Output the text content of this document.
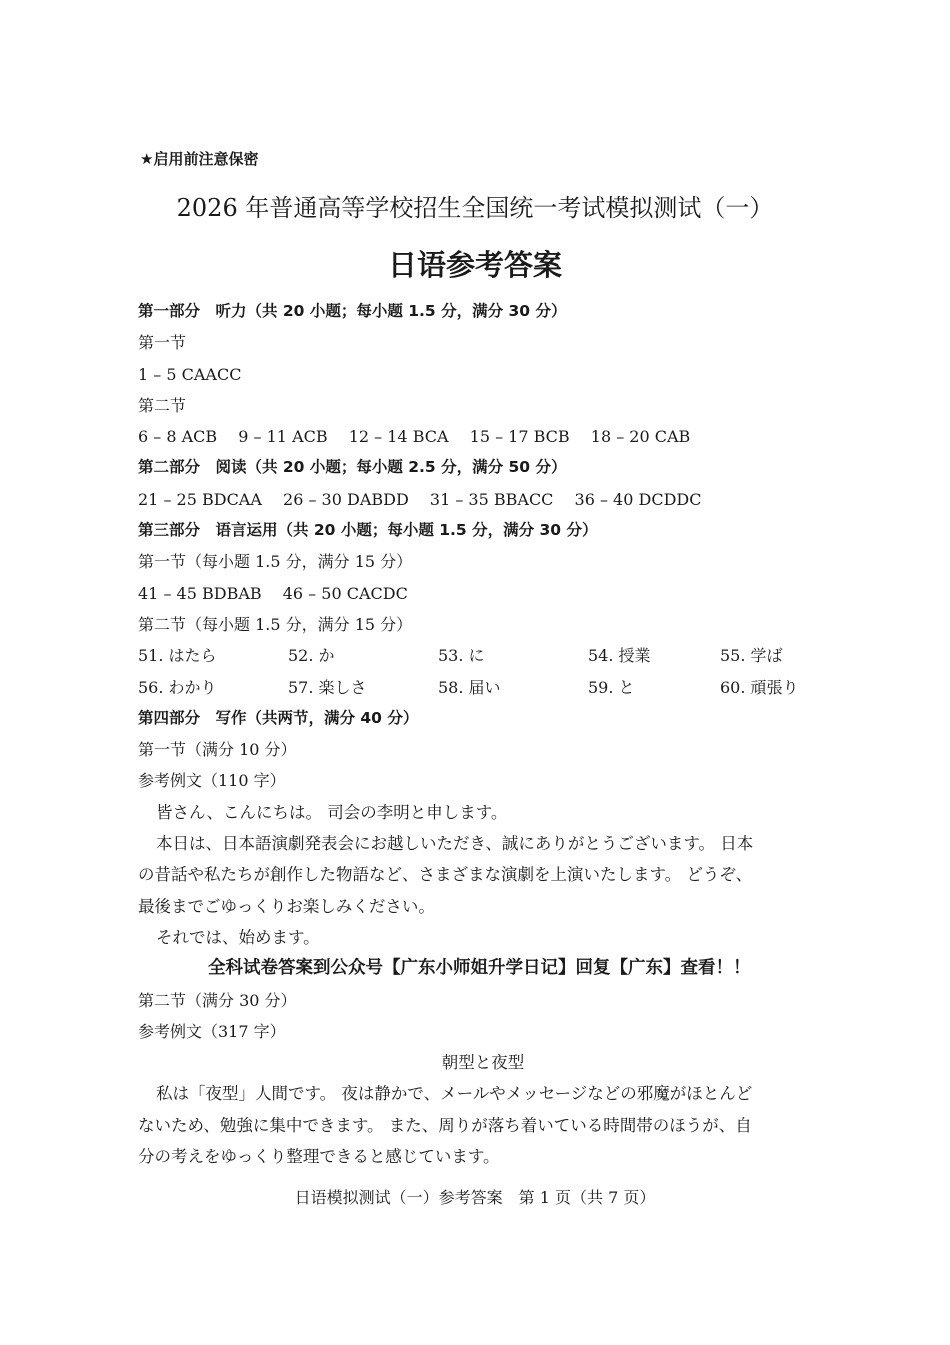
★启用前注意保密
2026 年普通高等学校招生全国统一考试模拟测试（一）
日语参考答案
第一部分　听力（共 20 小题；每小题 1.5 分，满分 30 分）
第一节
1 – 5 CAACC
第二节
6 – 8 ACB 9 – 11 ACB 12 – 14 BCA 15 – 17 BCB 18 – 20 CAB
第二部分　阅读（共 20 小题；每小题 2.5 分，满分 50 分）
21 – 25 BDCAA 26 – 30 DABDD 31 – 35 BBACC 36 – 40 DCDDC
第三部分　语言运用（共 20 小题；每小题 1.5 分，满分 30 分）
第一节（每小题 1.5 分，满分 15 分）
41 – 45 BDBAB 46 – 50 CACDC
第二节（每小题 1.5 分，满分 15 分）
51. はたら	52. か	53. に	54. 授業	55. 学ば
56. わかり	57. 楽しさ	58. 届い	59. と	60. 頑張り
第四部分　写作（共两节，满分 40 分）
第一节（满分 10 分）
参考例文（110 字）
皆さん、こんにちは。 司会の李明と申します。
本日は、日本語演劇発表会にお越しいただき、誠にありがとうございます。 日本
の昔話や私たちが創作した物語など、さまざまな演劇を上演いたします。 どうぞ、
最後までごゆっくりお楽しみください。
それでは、始めます。
全科试卷答案到公众号【广东小师姐升学日记】回复【广东】查看！！
第二节（满分 30 分）
参考例文（317 字）
朝型と夜型
私は「夜型」人間です。 夜は静かで、メールやメッセージなどの邪魔がほとんど
ないため、勉強に集中できます。 また、周りが落ち着いている時間帯のほうが、自
分の考えをゆっくり整理できると感じています。
日语模拟测试（一）参考答案　第 1 页（共 7 页）
